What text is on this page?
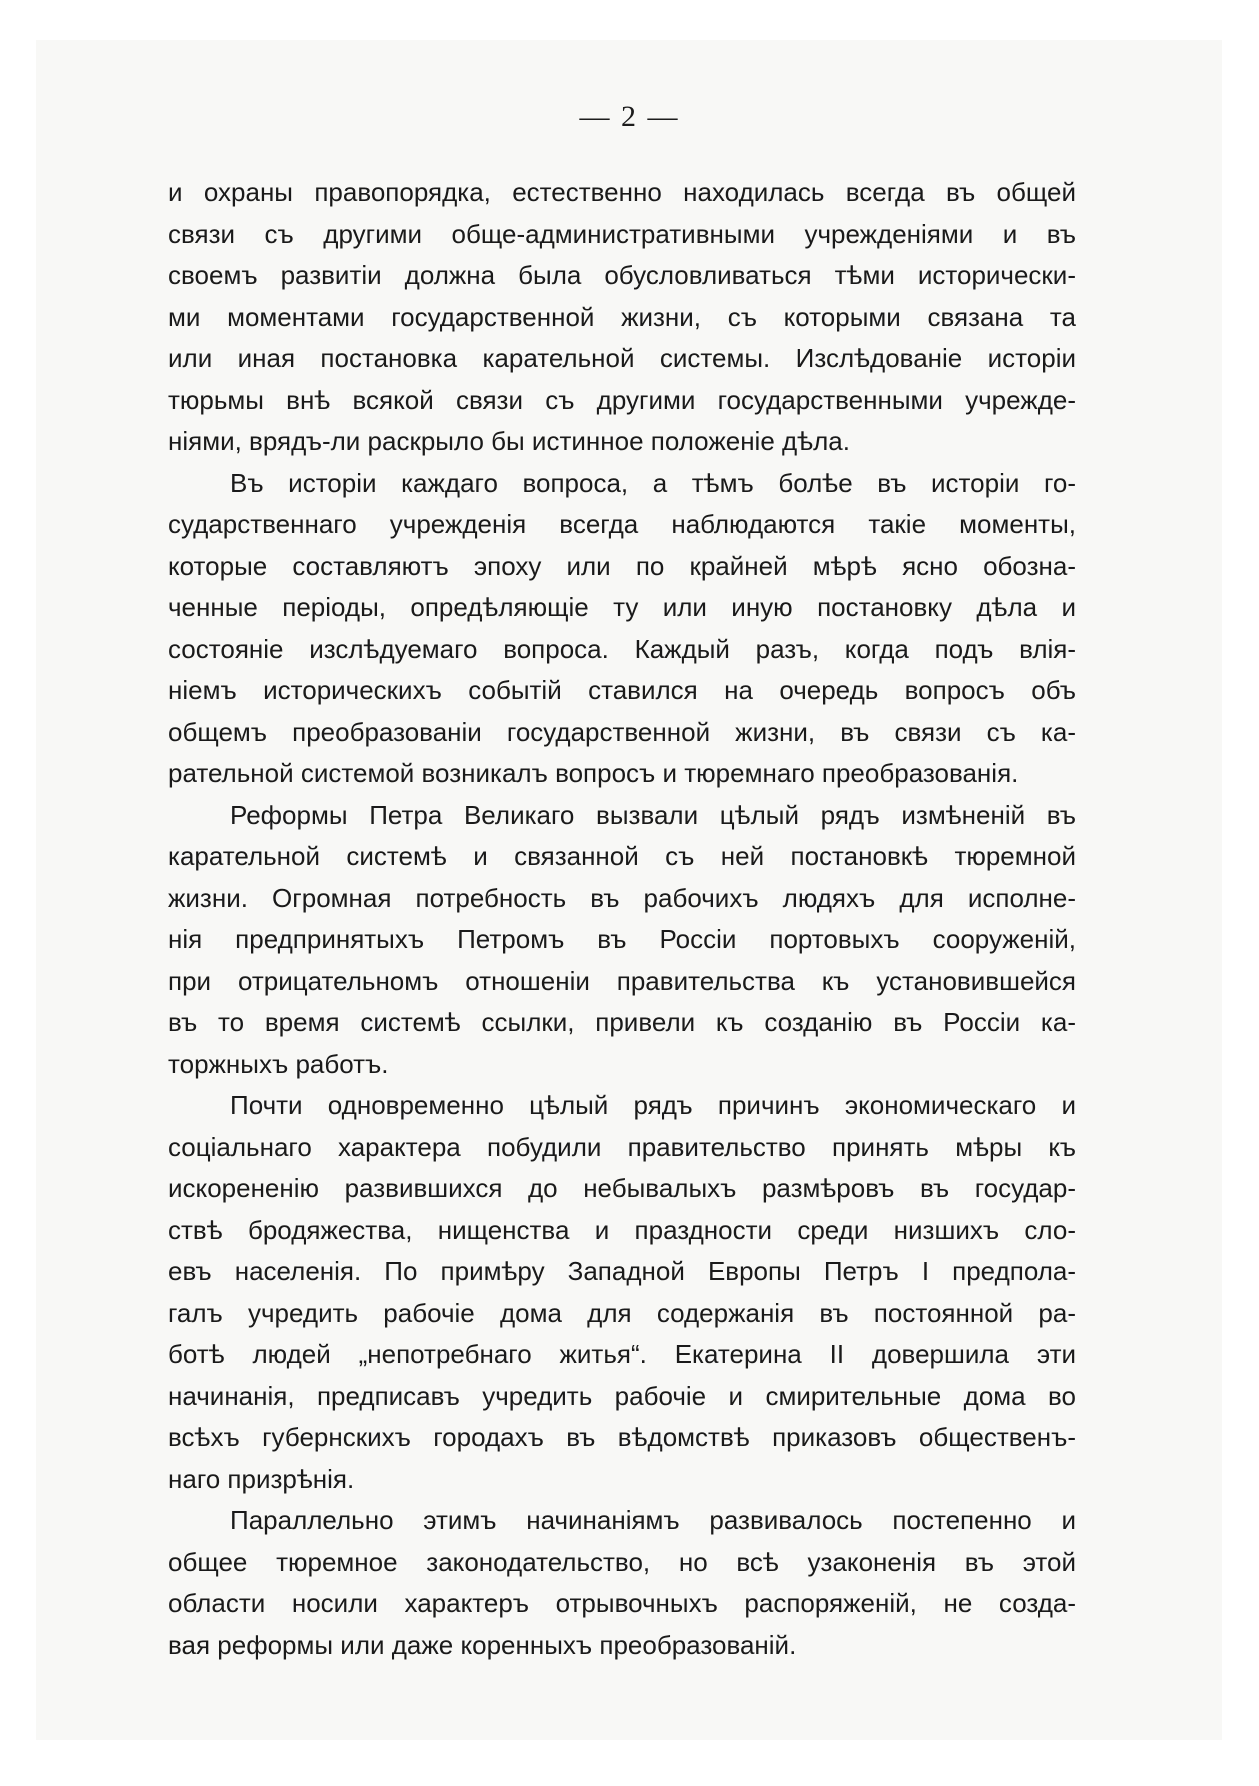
— 2 —

и охраны правопорядка, естественно находилась всегда въ общей
связи съ другими обще-административными учрежденіями и въ
своемъ развитіи должна была обусловливаться тѣми исторически-
ми моментами государственной жизни, съ которыми связана та
или иная постановка карательной системы. Изслѣдованіе исторіи
тюрьмы внѣ всякой связи съ другими государственными учрежде-
ніями, врядъ-ли раскрыло бы истинное положеніе дѣла.

Въ исторіи каждаго вопроса, а тѣмъ болѣе въ исторіи го-
сударственнаго учрежденія всегда наблюдаются такіе моменты,
которые составляютъ эпоху или по крайней мѣрѣ ясно обозна-
ченные періоды, опредѣляющіе ту или иную постановку дѣла и
состояніе изслѣдуемаго вопроса. Каждый разъ, когда подъ влія-
ніемъ историческихъ событій ставился на очередь вопросъ объ
общемъ преобразованіи государственной жизни, въ связи съ ка-
рательной системой возникалъ вопросъ и тюремнаго преобразованія.

Реформы Петра Великаго вызвали цѣлый рядъ измѣненій въ
карательной системѣ и связанной съ ней постановкѣ тюремной
жизни. Огромная потребность въ рабочихъ людяхъ для исполне-
нія предпринятыхъ Петромъ въ Россіи портовыхъ сооруженій,
при отрицательномъ отношеніи правительства къ установившейся
въ то время системѣ ссылки, привели къ созданію въ Россіи ка-
торжныхъ работъ.

Почти одновременно цѣлый рядъ причинъ экономическаго и
соціальнаго характера побудили правительство принять мѣры къ
искорененію развившихся до небывалыхъ размѣровъ въ государ-
ствѣ бродяжества, нищенства и праздности среди низшихъ сло-
евъ населенія. По примѣру Западной Европы Петръ I предпола-
галъ учредить рабочіе дома для содержанія въ постоянной ра-
ботѣ людей „непотребнаго житья“. Екатерина II довершила эти
начинанія, предписавъ учредить рабочіе и смирительные дома во
всѣхъ губернскихъ городахъ въ вѣдомствѣ приказовъ общественъ-
наго призрѣнія.

Параллельно этимъ начинаніямъ развивалось постепенно и
общее тюремное законодательство, но всѣ узаконенія въ этой
области носили характеръ отрывочныхъ распоряженій, не созда-
вая реформы или даже коренныхъ преобразованій.
